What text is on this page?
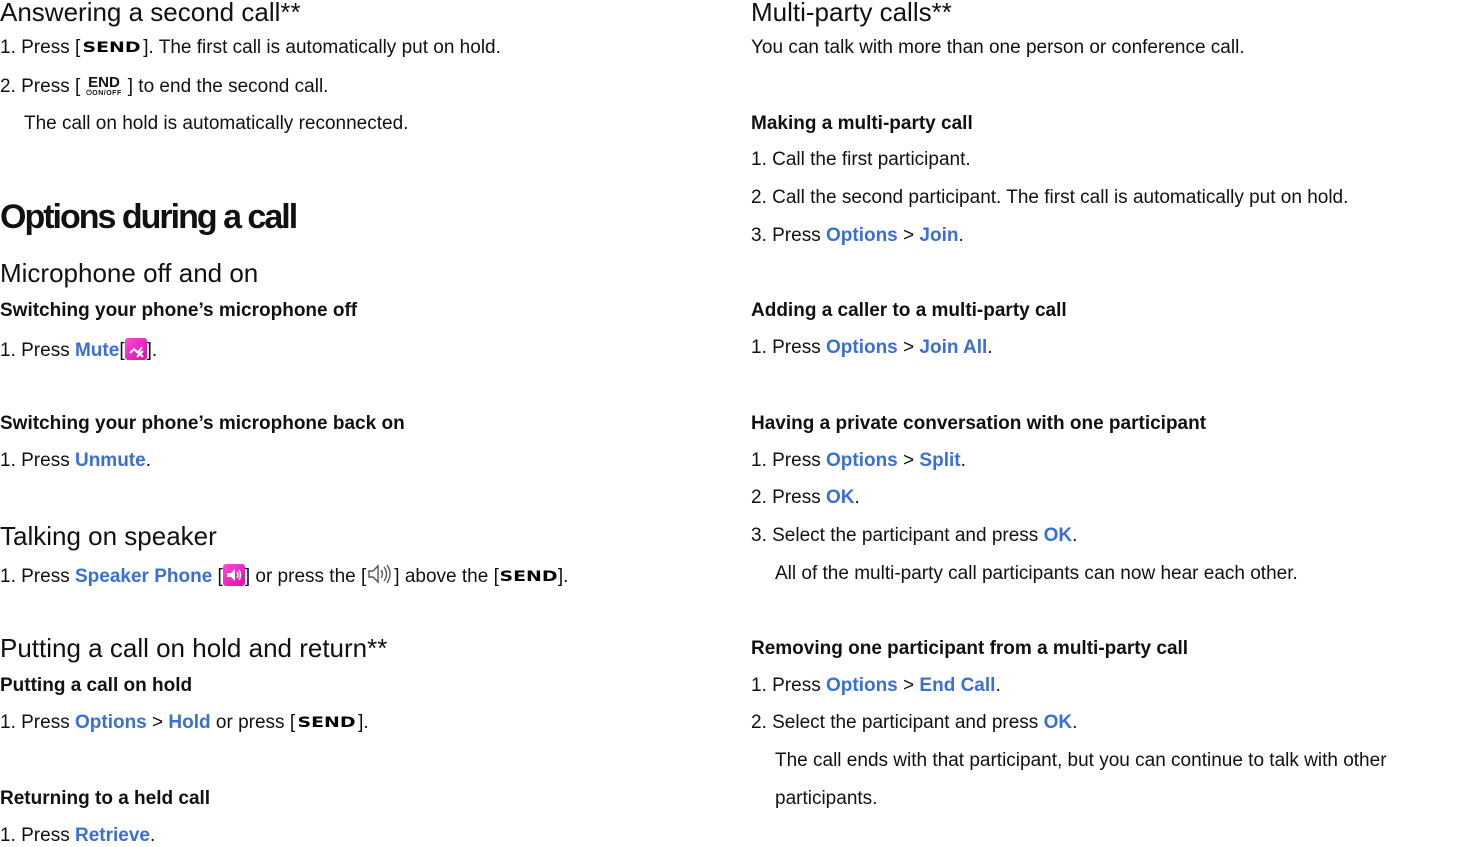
Answering a second call**
1. Press [ SEND ]. The first call is automatically put on hold.
2. Press [ END
⏻ON/OFF ] to end the second call.
The call on hold is automatically reconnected.
Options during a call
Microphone off and on
Switching your phone’s microphone off
1. Press Mute[ ].
Switching your phone’s microphone back on
1. Press Unmute.
Talking on speaker
1. Press Speaker Phone [ ] or press the [ ] above the [SEND].
Putting a call on hold and return**
Putting a call on hold
1. Press Options > Hold or press [ SEND ].
Returning to a held call
1. Press Retrieve.
Multi-party calls**
You can talk with more than one person or conference call.
Making a multi-party call
1. Call the first participant.
2. Call the second participant. The first call is automatically put on hold.
3. Press Options > Join.
Adding a caller to a multi-party call
1. Press Options > Join All.
Having a private conversation with one participant
1. Press Options > Split.
2. Press OK.
3. Select the participant and press OK.
All of the multi-party call participants can now hear each other.
Removing one participant from a multi-party call
1. Press Options > End Call.
2. Select the participant and press OK.
The call ends with that participant, but you can continue to talk with other
participants.
